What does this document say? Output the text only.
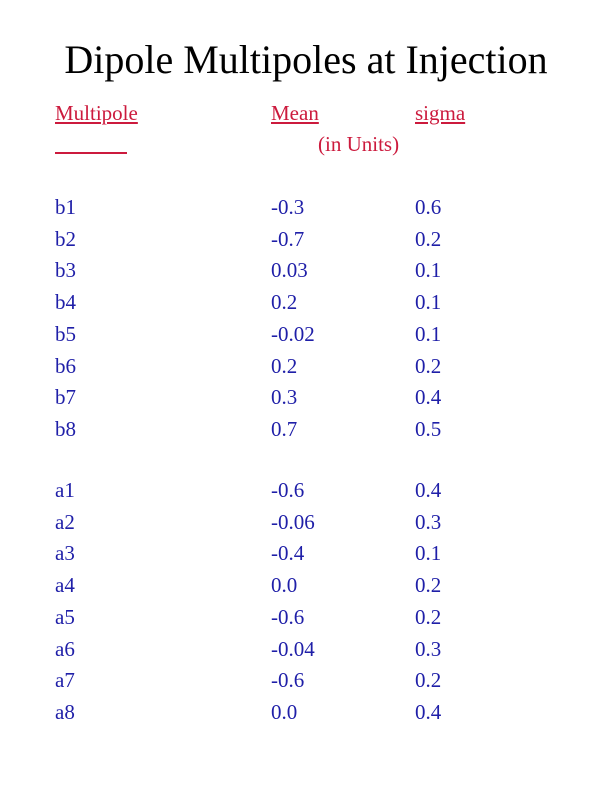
Dipole Multipoles at Injection
Multipole	Mean	sigma
(in Units)
b1	-0.3	0.6
b2	-0.7	0.2
b3	0.03	0.1
b4	0.2	0.1
b5	-0.02	0.1
b6	0.2	0.2
b7	0.3	0.4
b8	0.7	0.5
a1	-0.6	0.4
a2	-0.06	0.3
a3	-0.4	0.1
a4	0.0	0.2
a5	-0.6	0.2
a6	-0.04	0.3
a7	-0.6	0.2
a8	0.0	0.4
